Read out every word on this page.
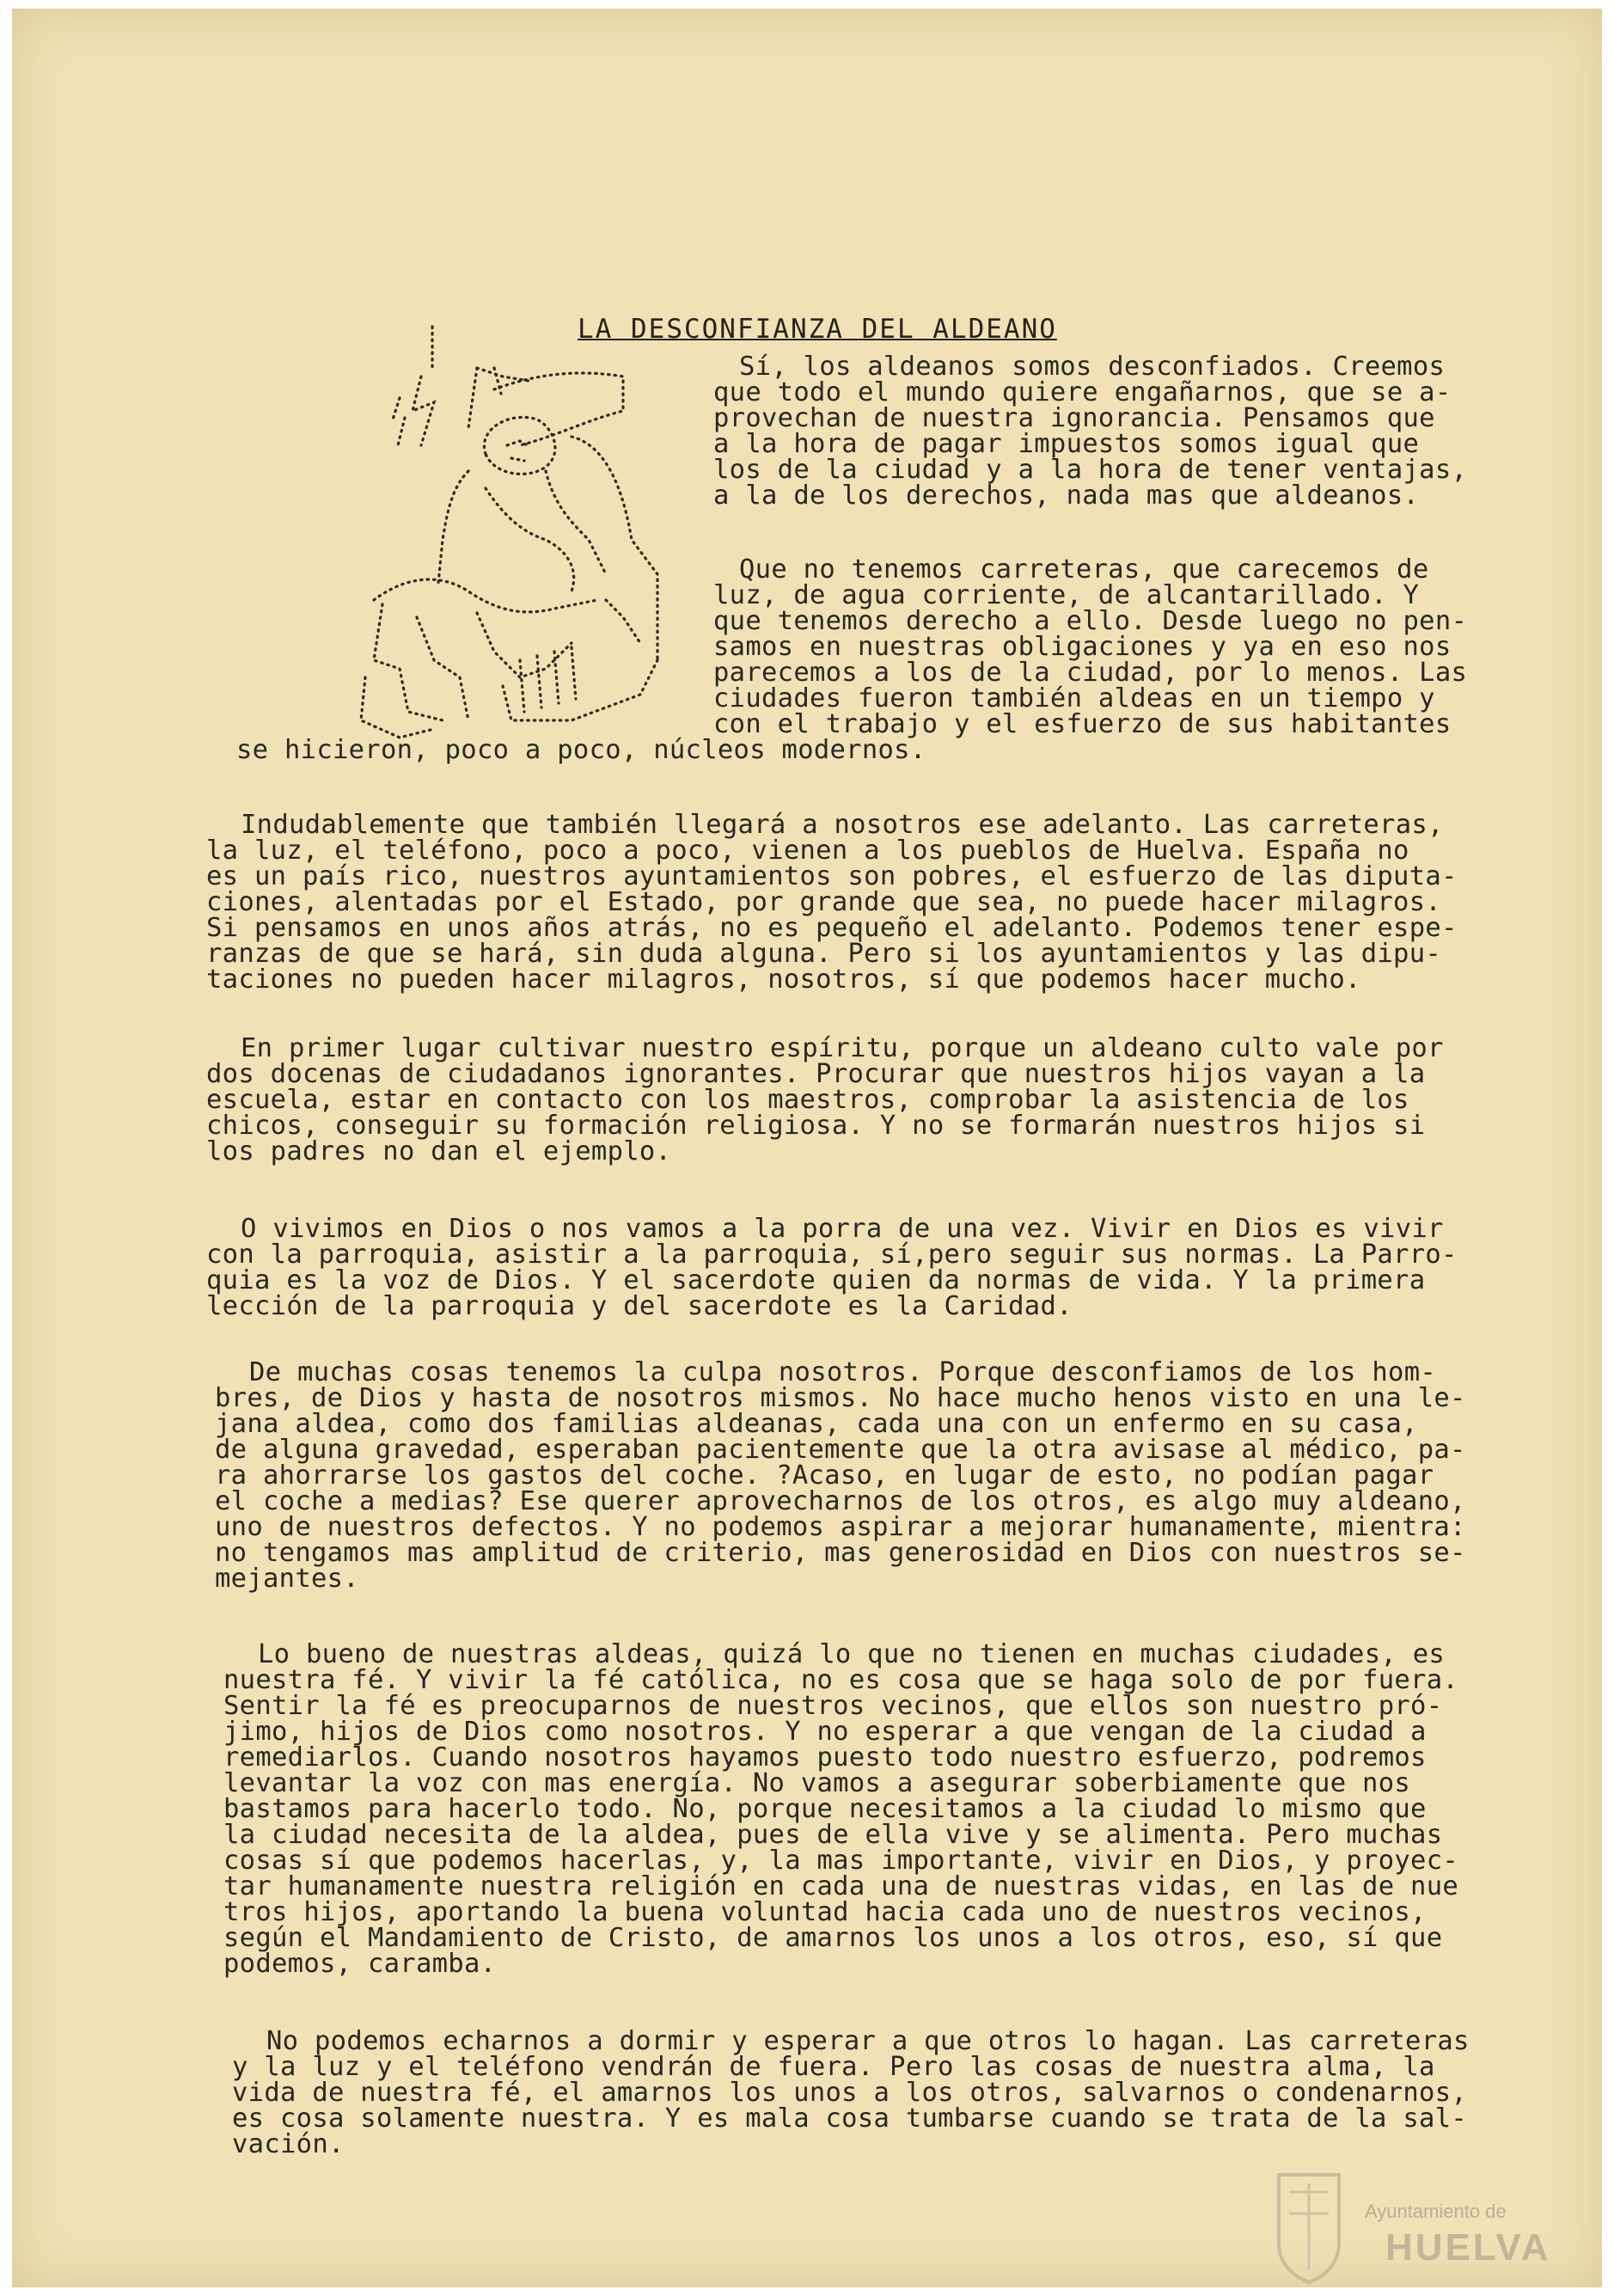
LA DESCONFIANZA DEL ALDEANO
Sí, los aldeanos somos desconfiados. Creemos
que todo el mundo quiere engañarnos, que se a-
provechan de nuestra ignorancia. Pensamos que
a la hora de pagar impuestos somos igual que
los de la ciudad y a la hora de tener ventajas,
a la de los derechos, nada mas que aldeanos.
Que no tenemos carreteras, que carecemos de
luz, de agua corriente, de alcantarillado. Y
que tenemos derecho a ello. Desde luego no pen-
samos en nuestras obligaciones y ya en eso nos
parecemos a los de la ciudad, por lo menos. Las
ciudades fueron también aldeas en un tiempo y
con el trabajo y el esfuerzo de sus habitantes
se hicieron, poco a poco, núcleos modernos.
Indudablemente que también llegará a nosotros ese adelanto. Las carreteras,
la luz, el teléfono, poco a poco, vienen a los pueblos de Huelva. España no
es un país rico, nuestros ayuntamientos son pobres, el esfuerzo de las diputa-
ciones, alentadas por el Estado, por grande que sea, no puede hacer milagros.
Si pensamos en unos años atrás, no es pequeño el adelanto. Podemos tener espe-
ranzas de que se hará, sin duda alguna. Pero si los ayuntamientos y las dipu-
taciones no pueden hacer milagros, nosotros, sí que podemos hacer mucho.
En primer lugar cultivar nuestro espíritu, porque un aldeano culto vale por
dos docenas de ciudadanos ignorantes. Procurar que nuestros hijos vayan a la
escuela, estar en contacto con los maestros, comprobar la asistencia de los
chicos, conseguir su formación religiosa. Y no se formarán nuestros hijos si
los padres no dan el ejemplo.
O vivimos en Dios o nos vamos a la porra de una vez. Vivir en Dios es vivir
con la parroquia, asistir a la parroquia, sí,pero seguir sus normas. La Parro-
quia es la voz de Dios. Y el sacerdote quien da normas de vida. Y la primera
lección de la parroquia y del sacerdote es la Caridad.
De muchas cosas tenemos la culpa nosotros. Porque desconfiamos de los hom-
bres, de Dios y hasta de nosotros mismos. No hace mucho henos visto en una le-
jana aldea, como dos familias aldeanas, cada una con un enfermo en su casa,
de alguna gravedad, esperaban pacientemente que la otra avisase al médico, pa-
ra ahorrarse los gastos del coche. ?Acaso, en lugar de esto, no podían pagar
el coche a medias? Ese querer aprovecharnos de los otros, es algo muy aldeano,
uno de nuestros defectos. Y no podemos aspirar a mejorar humanamente, mientra:
no tengamos mas amplitud de criterio, mas generosidad en Dios con nuestros se-
mejantes.
Lo bueno de nuestras aldeas, quizá lo que no tienen en muchas ciudades, es
nuestra fé. Y vivir la fé católica, no es cosa que se haga solo de por fuera.
Sentir la fé es preocuparnos de nuestros vecinos, que ellos son nuestro pró-
jimo, hijos de Dios como nosotros. Y no esperar a que vengan de la ciudad a
remediarlos. Cuando nosotros hayamos puesto todo nuestro esfuerzo, podremos
levantar la voz con mas energía. No vamos a asegurar soberbiamente que nos
bastamos para hacerlo todo. No, porque necesitamos a la ciudad lo mismo que
la ciudad necesita de la aldea, pues de ella vive y se alimenta. Pero muchas
cosas sí que podemos hacerlas, y, la mas importante, vivir en Dios, y proyec-
tar humanamente nuestra religión en cada una de nuestras vidas, en las de nue
tros hijos, aportando la buena voluntad hacia cada uno de nuestros vecinos,
según el Mandamiento de Cristo, de amarnos los unos a los otros, eso, sí que
podemos, caramba.
No podemos echarnos a dormir y esperar a que otros lo hagan. Las carreteras
y la luz y el teléfono vendrán de fuera. Pero las cosas de nuestra alma, la
vida de nuestra fé, el amarnos los unos a los otros, salvarnos o condenarnos,
es cosa solamente nuestra. Y es mala cosa tumbarse cuando se trata de la sal-
vación.
Ayuntamiento de
HUELVA
